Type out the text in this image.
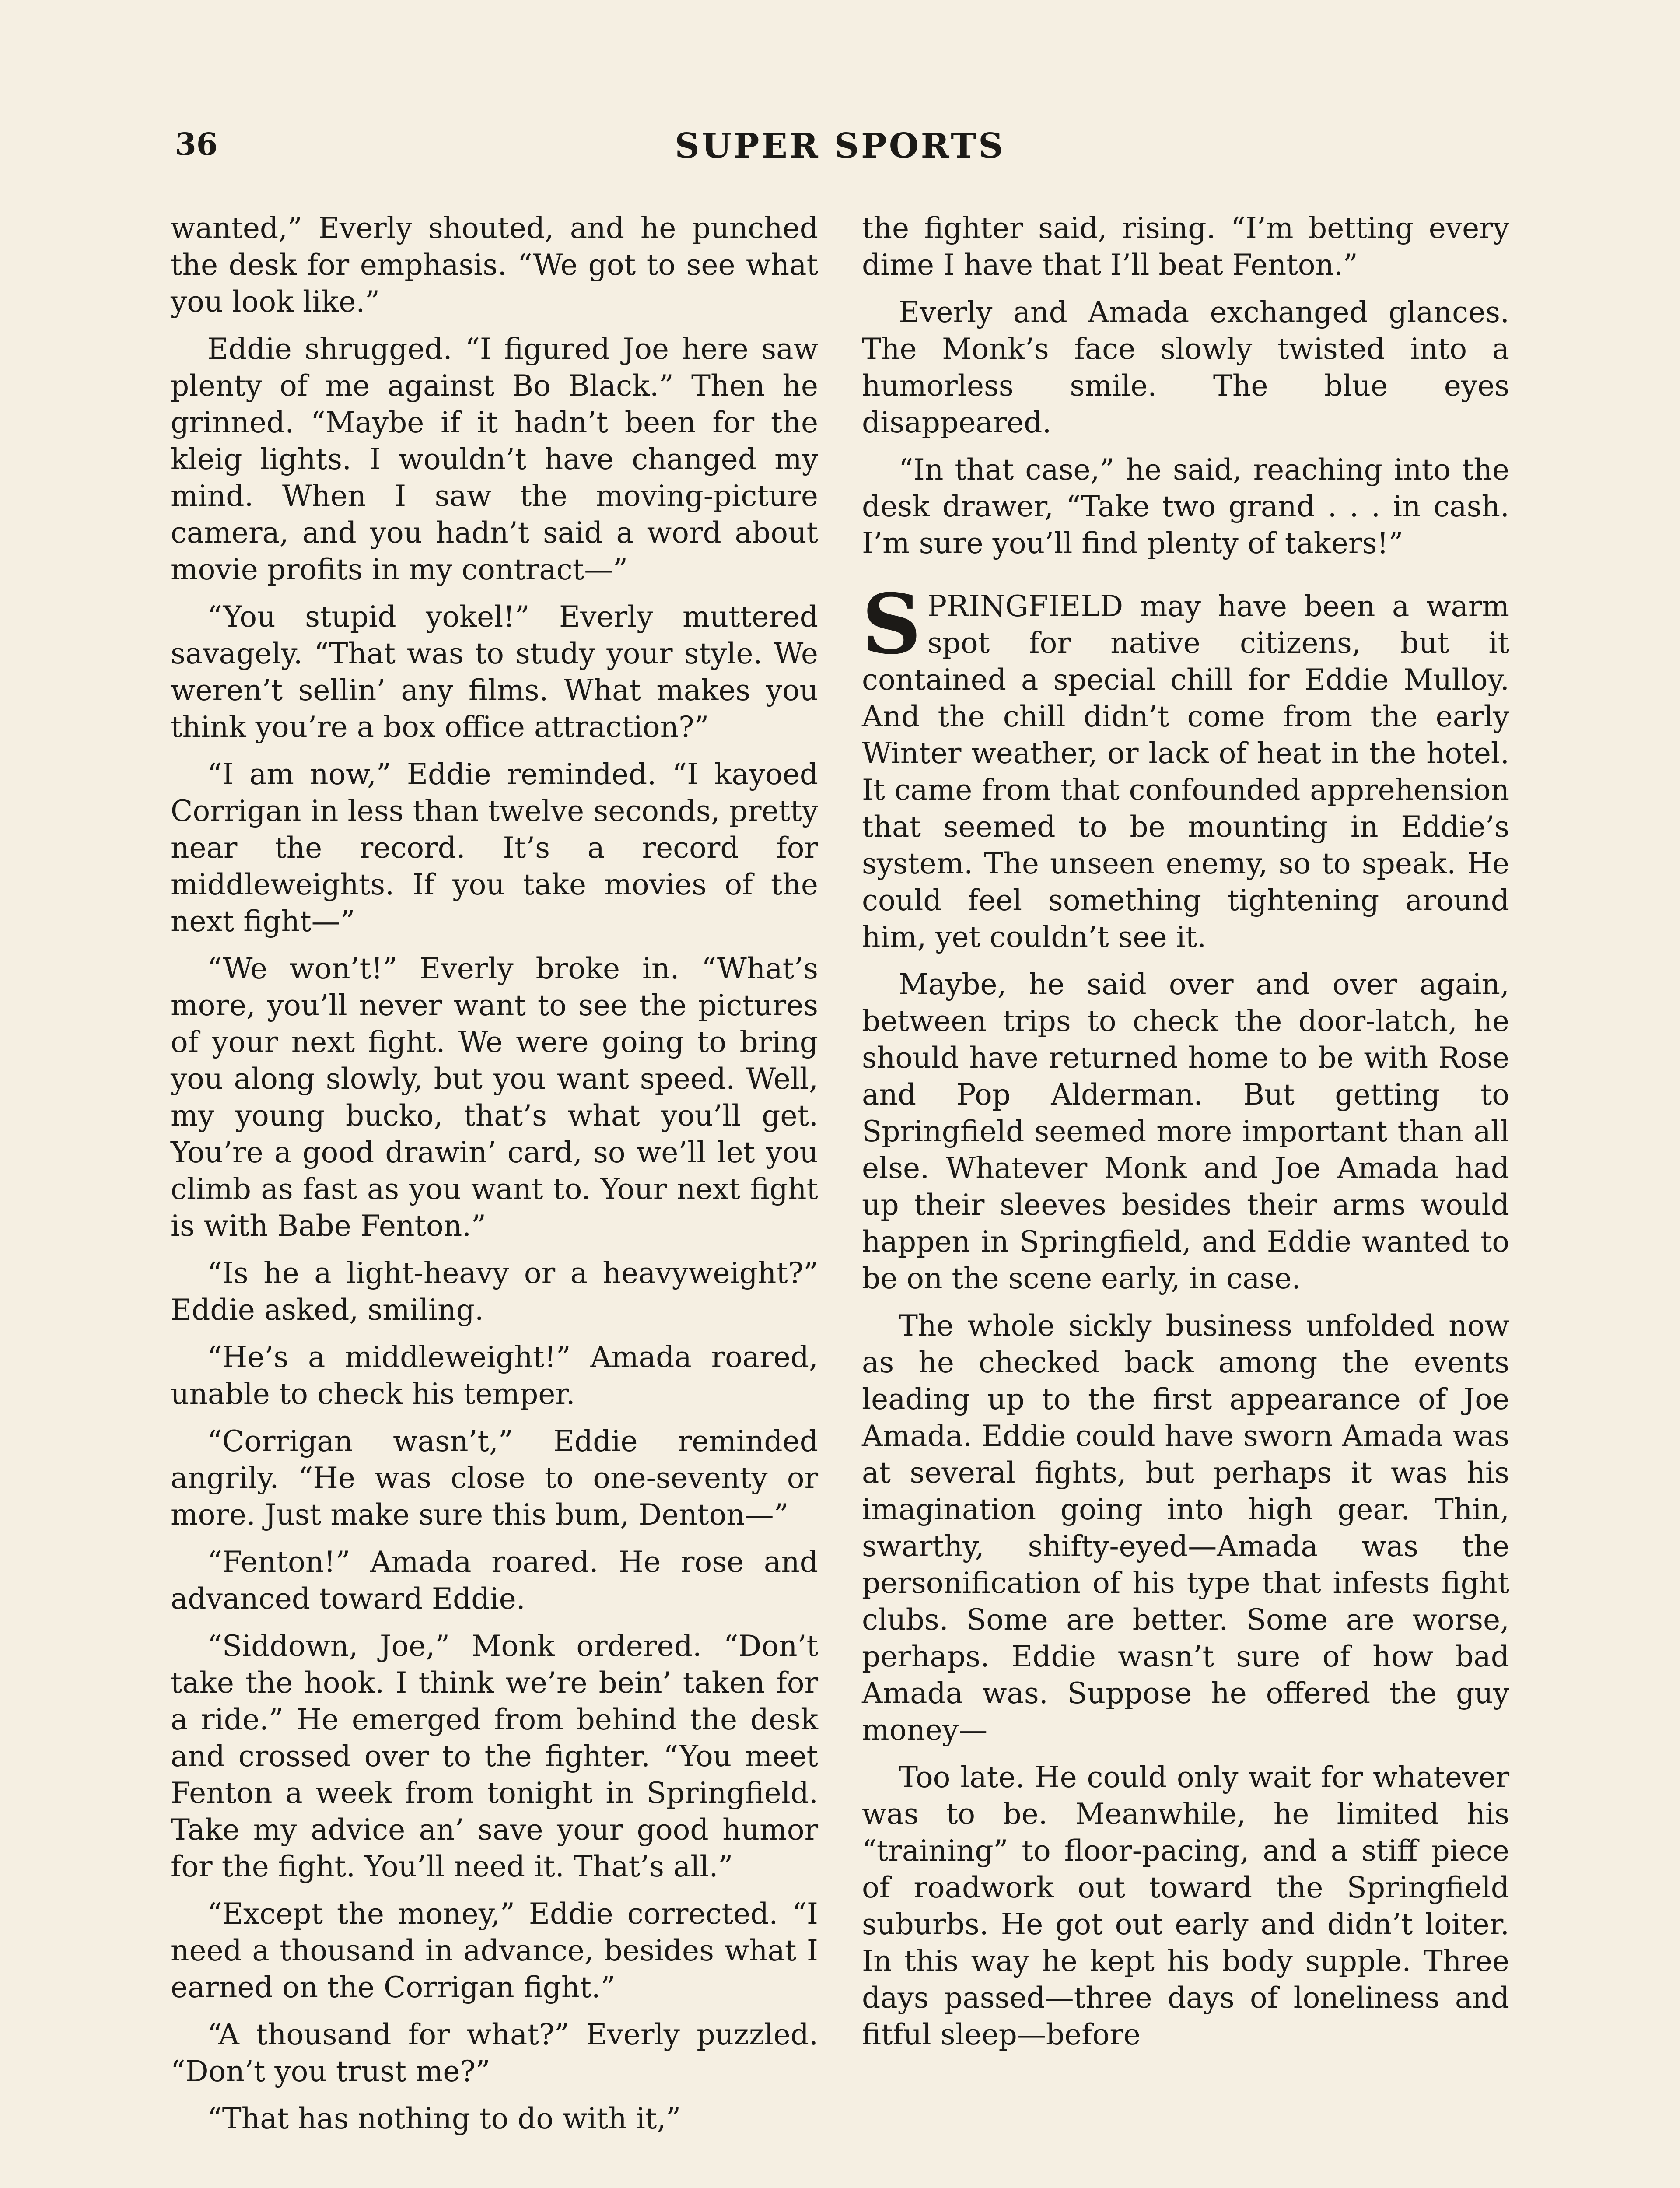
36	SUPER SPORTS

wanted,” Everly shouted, and he punched the desk for emphasis. “We got to see what you look like.”

Eddie shrugged. “I figured Joe here saw plenty of me against Bo Black.” Then he grinned. “Maybe if it hadn’t been for the kleig lights. I wouldn’t have changed my mind. When I saw the moving-picture camera, and you hadn’t said a word about movie profits in my contract—”

“You stupid yokel!” Everly muttered savagely. “That was to study your style. We weren’t sellin’ any films. What makes you think you’re a box office attraction?”

“I am now,” Eddie reminded. “I kayoed Corrigan in less than twelve seconds, pretty near the record. It’s a record for middleweights. If you take movies of the next fight—”

“We won’t!” Everly broke in. “What’s more, you’ll never want to see the pictures of your next fight. We were going to bring you along slowly, but you want speed. Well, my young bucko, that’s what you’ll get. You’re a good drawin’ card, so we’ll let you climb as fast as you want to. Your next fight is with Babe Fenton.”

“Is he a light-heavy or a heavyweight?” Eddie asked, smiling.

“He’s a middleweight!” Amada roared, unable to check his temper.

“Corrigan wasn’t,” Eddie reminded angrily. “He was close to one-seventy or more. Just make sure this bum, Denton—”

“Fenton!” Amada roared. He rose and advanced toward Eddie.

“Siddown, Joe,” Monk ordered. “Don’t take the hook. I think we’re bein’ taken for a ride.” He emerged from behind the desk and crossed over to the fighter. “You meet Fenton a week from tonight in Springfield. Take my advice an’ save your good humor for the fight. You’ll need it. That’s all.”

“Except the money,” Eddie corrected. “I need a thousand in advance, besides what I earned on the Corrigan fight.”

“A thousand for what?” Everly puzzled. “Don’t you trust me?”

“That has nothing to do with it,”

the fighter said, rising. “I’m betting every dime I have that I’ll beat Fenton.”

Everly and Amada exchanged glances. The Monk’s face slowly twisted into a humorless smile. The blue eyes disappeared.

“In that case,” he said, reaching into the desk drawer, “Take two grand . . . in cash. I’m sure you’ll find plenty of takers!”

SPRINGFIELD may have been a warm spot for native citizens, but it contained a special chill for Eddie Mulloy. And the chill didn’t come from the early Winter weather, or lack of heat in the hotel. It came from that confounded apprehension that seemed to be mounting in Eddie’s system. The unseen enemy, so to speak. He could feel something tightening around him, yet couldn’t see it.

Maybe, he said over and over again, between trips to check the door-latch, he should have returned home to be with Rose and Pop Alderman. But getting to Springfield seemed more important than all else. Whatever Monk and Joe Amada had up their sleeves besides their arms would happen in Springfield, and Eddie wanted to be on the scene early, in case.

The whole sickly business unfolded now as he checked back among the events leading up to the first appearance of Joe Amada. Eddie could have sworn Amada was at several fights, but perhaps it was his imagination going into high gear. Thin, swarthy, shifty-eyed—Amada was the personification of his type that infests fight clubs. Some are better. Some are worse, perhaps. Eddie wasn’t sure of how bad Amada was. Suppose he offered the guy money—

Too late. He could only wait for whatever was to be. Meanwhile, he limited his “training” to floor-pacing, and a stiff piece of roadwork out toward the Springfield suburbs. He got out early and didn’t loiter. In this way he kept his body supple. Three days passed—three days of loneliness and fitful sleep—before
